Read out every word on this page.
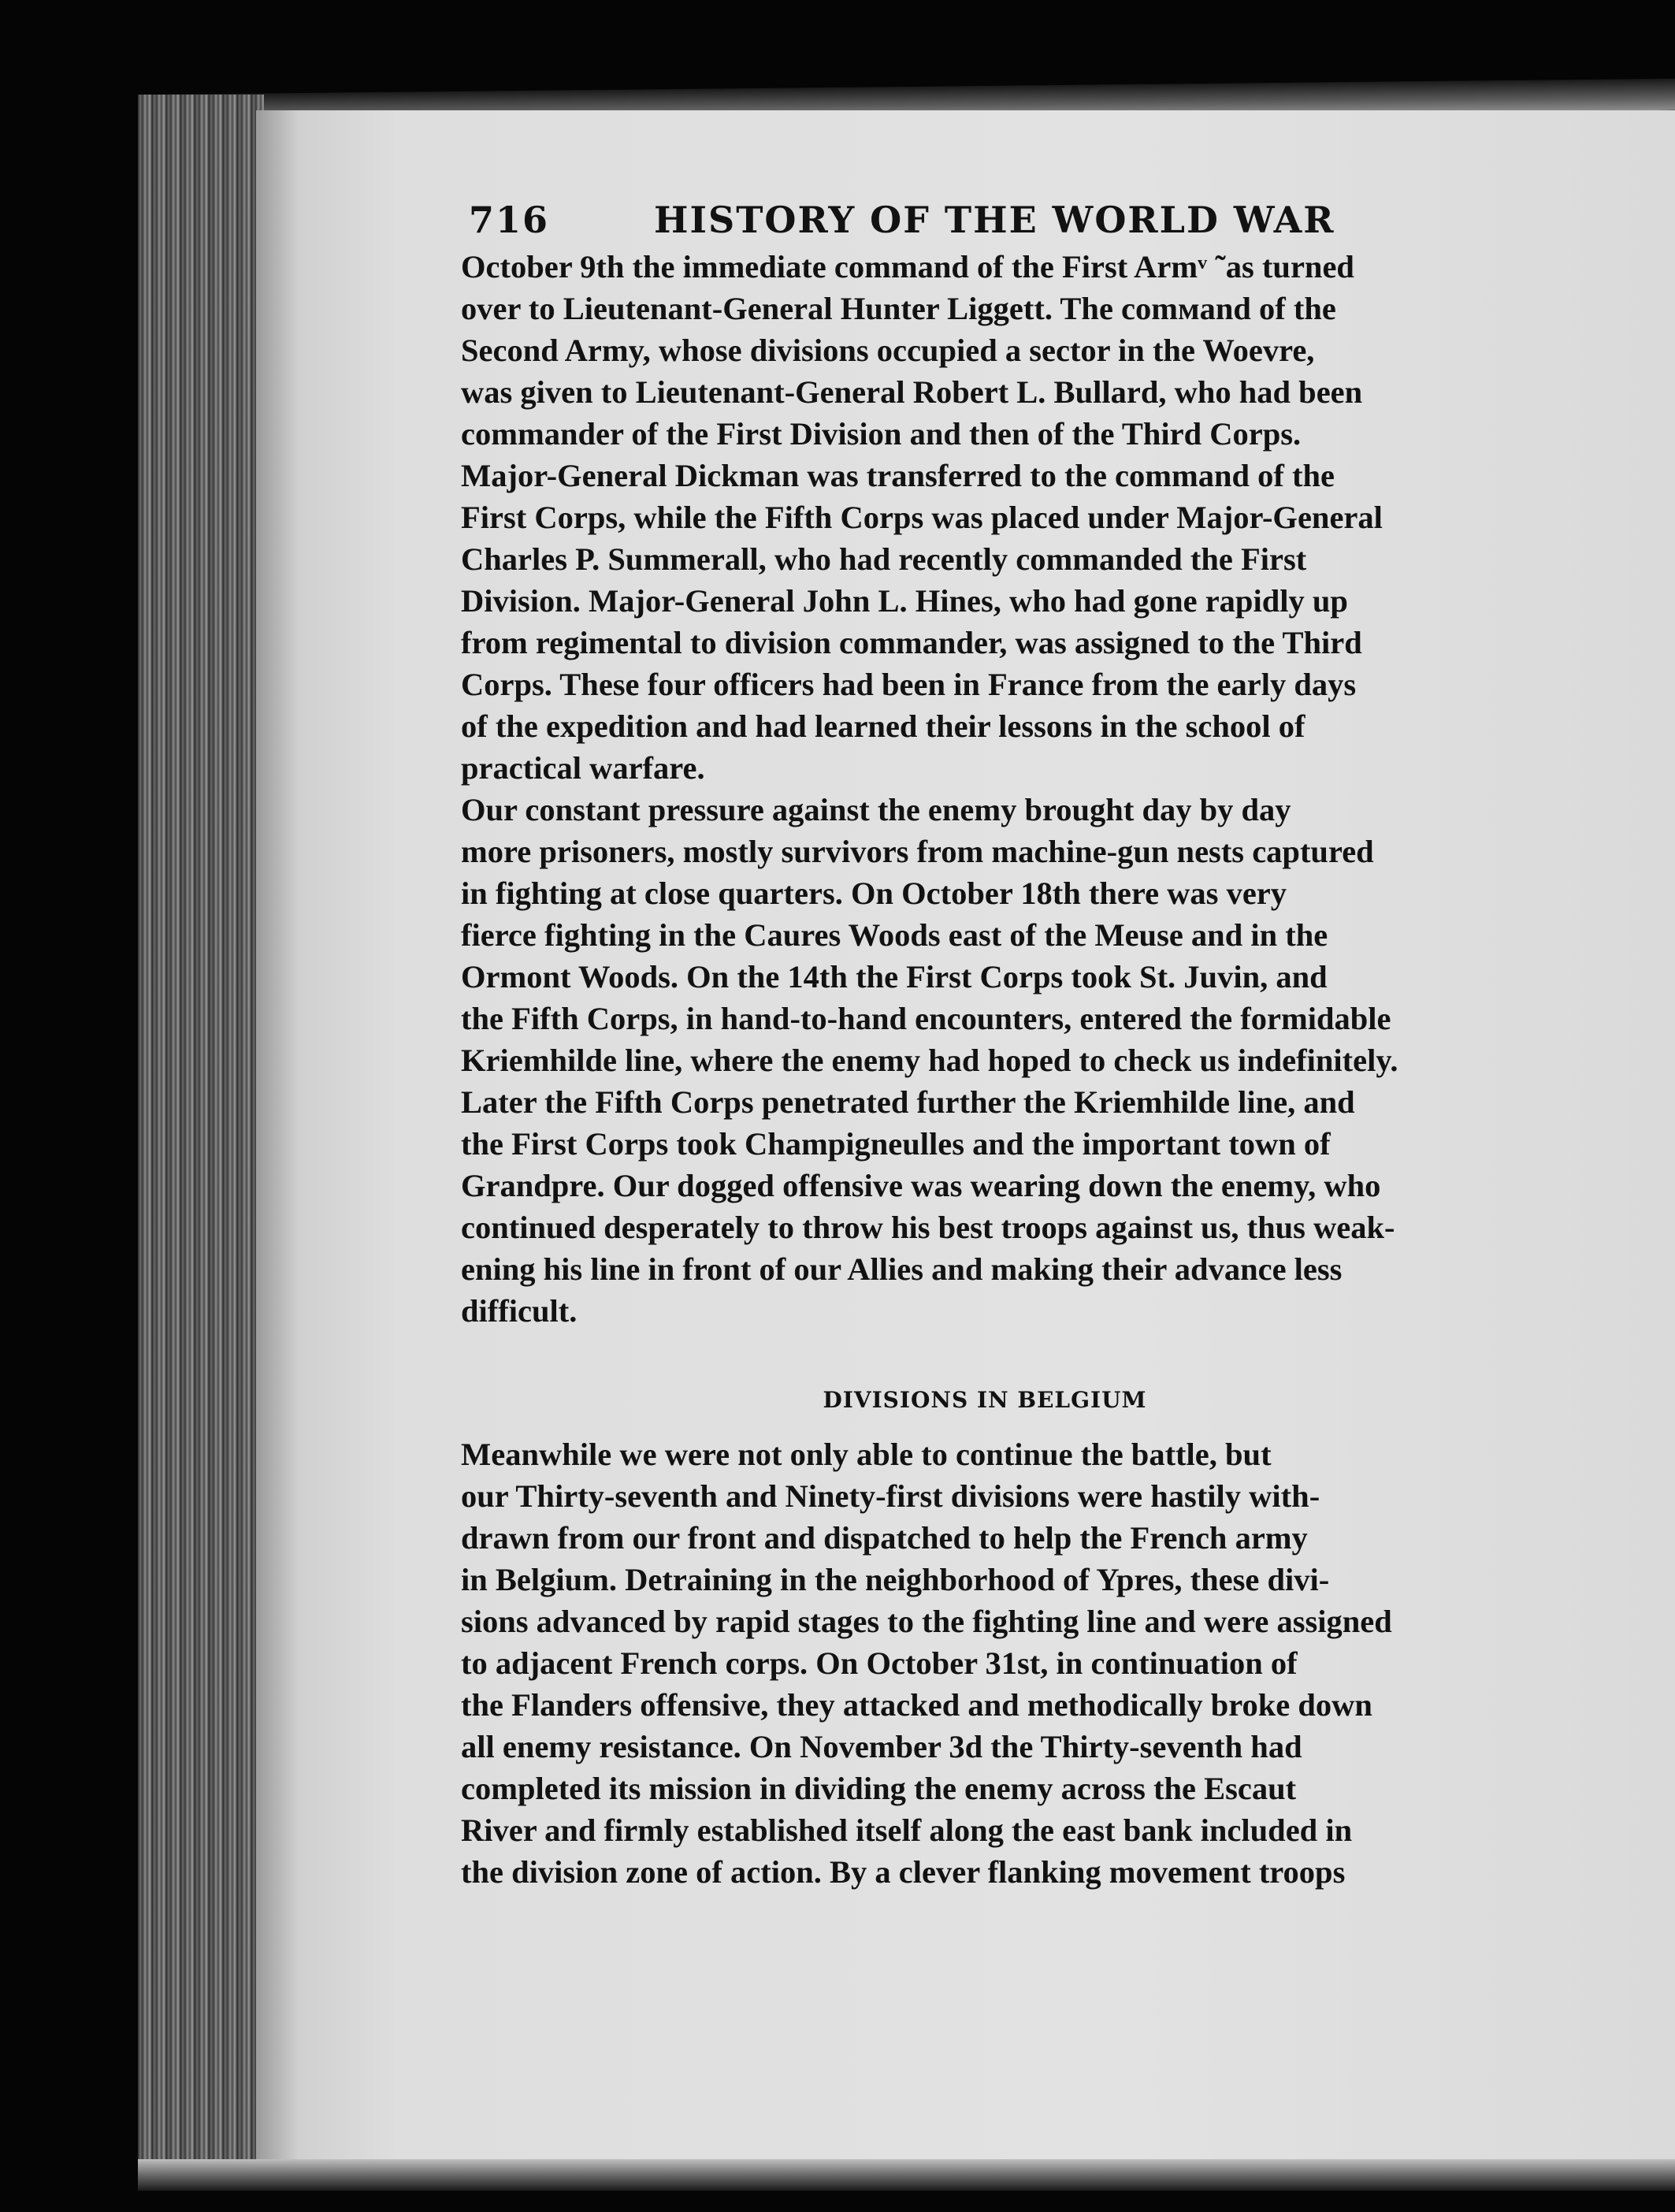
716	HISTORY OF THE WORLD WAR

October 9th the immediate command of the First Armᵛ ˜as turned
over to Lieutenant-General Hunter Liggett. The comᴍand of the
Second Army, whose divisions occupied a sector in the Woevre,
was given to Lieutenant-General Robert L. Bullard, who had been
commander of the First Division and then of the Third Corps.
Major-General Dickman was transferred to the command of the
First Corps, while the Fifth Corps was placed under Major-General
Charles P. Summerall, who had recently commanded the First
Division. Major-General John L. Hines, who had gone rapidly up
from regimental to division commander, was assigned to the Third
Corps. These four officers had been in France from the early days
of the expedition and had learned their lessons in the school of
practical warfare.

Our constant pressure against the enemy brought day by day
more prisoners, mostly survivors from machine-gun nests captured
in fighting at close quarters. On October 18th there was very
fierce fighting in the Caures Woods east of the Meuse and in the
Ormont Woods. On the 14th the First Corps took St. Juvin, and
the Fifth Corps, in hand-to-hand encounters, entered the formidable
Kriemhilde line, where the enemy had hoped to check us indefinitely.
Later the Fifth Corps penetrated further the Kriemhilde line, and
the First Corps took Champigneulles and the important town of
Grandpre. Our dogged offensive was wearing down the enemy, who
continued desperately to throw his best troops against us, thus weak-
ening his line in front of our Allies and making their advance less
difficult.

DIVISIONS IN BELGIUM

Meanwhile we were not only able to continue the battle, but
our Thirty-seventh and Ninety-first divisions were hastily with-
drawn from our front and dispatched to help the French army
in Belgium. Detraining in the neighborhood of Ypres, these divi-
sions advanced by rapid stages to the fighting line and were assigned
to adjacent French corps. On October 31st, in continuation of
the Flanders offensive, they attacked and methodically broke down
all enemy resistance. On November 3d the Thirty-seventh had
completed its mission in dividing the enemy across the Escaut
River and firmly established itself along the east bank included in
the division zone of action. By a clever flanking movement troops
